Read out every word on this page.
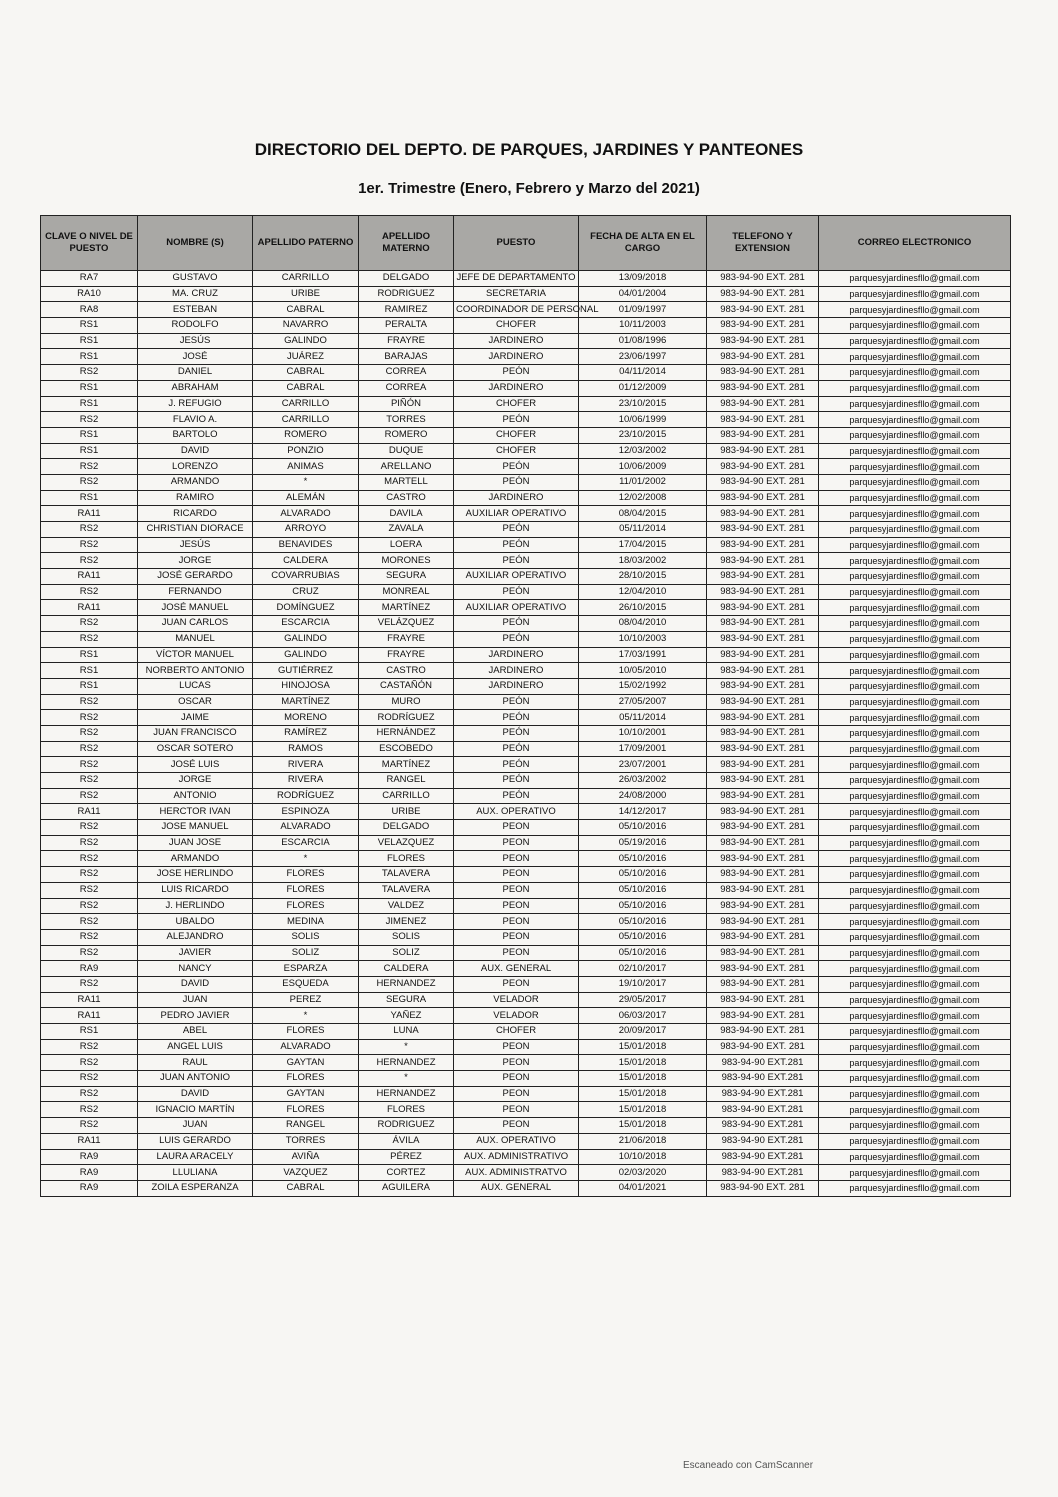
DIRECTORIO DEL DEPTO. DE PARQUES, JARDINES Y PANTEONES
1er. Trimestre (Enero, Febrero y Marzo del 2021)
CLAVE O NIVEL DE PUESTO	NOMBRE (S)	APELLIDO PATERNO	APELLIDO MATERNO	PUESTO	FECHA DE ALTA EN EL CARGO	TELEFONO Y EXTENSION	CORREO ELECTRONICO
RA7	GUSTAVO	CARRILLO	DELGADO	JEFE DE DEPARTAMENTO	13/09/2018	983-94-90 EXT. 281	parquesyjardinesfllo@gmail.com
RA10	MA. CRUZ	URIBE	RODRIGUEZ	SECRETARIA	04/01/2004	983-94-90 EXT. 281	parquesyjardinesfllo@gmail.com
RA8	ESTEBAN	CABRAL	RAMIREZ	COORDINADOR DE PERSONAL	01/09/1997	983-94-90 EXT. 281	parquesyjardinesfllo@gmail.com
RS1	RODOLFO	NAVARRO	PERALTA	CHOFER	10/11/2003	983-94-90 EXT. 281	parquesyjardinesfllo@gmail.com
RS1	JESÚS	GALINDO	FRAYRE	JARDINERO	01/08/1996	983-94-90 EXT. 281	parquesyjardinesfllo@gmail.com
RS1	JOSÉ	JUÁREZ	BARAJAS	JARDINERO	23/06/1997	983-94-90 EXT. 281	parquesyjardinesfllo@gmail.com
RS2	DANIEL	CABRAL	CORREA	PEÓN	04/11/2014	983-94-90 EXT. 281	parquesyjardinesfllo@gmail.com
RS1	ABRAHAM	CABRAL	CORREA	JARDINERO	01/12/2009	983-94-90 EXT. 281	parquesyjardinesfllo@gmail.com
RS1	J. REFUGIO	CARRILLO	PIÑÓN	CHOFER	23/10/2015	983-94-90 EXT. 281	parquesyjardinesfllo@gmail.com
RS2	FLAVIO A.	CARRILLO	TORRES	PEÓN	10/06/1999	983-94-90 EXT. 281	parquesyjardinesfllo@gmail.com
RS1	BARTOLO	ROMERO	ROMERO	CHOFER	23/10/2015	983-94-90 EXT. 281	parquesyjardinesfllo@gmail.com
RS1	DAVID	PONZIO	DUQUE	CHOFER	12/03/2002	983-94-90 EXT. 281	parquesyjardinesfllo@gmail.com
RS2	LORENZO	ANIMAS	ARELLANO	PEÓN	10/06/2009	983-94-90 EXT. 281	parquesyjardinesfllo@gmail.com
RS2	ARMANDO	*	MARTELL	PEÓN	11/01/2002	983-94-90 EXT. 281	parquesyjardinesfllo@gmail.com
RS1	RAMIRO	ALEMÁN	CASTRO	JARDINERO	12/02/2008	983-94-90 EXT. 281	parquesyjardinesfllo@gmail.com
RA11	RICARDO	ALVARADO	DAVILA	AUXILIAR OPERATIVO	08/04/2015	983-94-90 EXT. 281	parquesyjardinesfllo@gmail.com
RS2	CHRISTIAN DIORACE	ARROYO	ZAVALA	PEÓN	05/11/2014	983-94-90 EXT. 281	parquesyjardinesfllo@gmail.com
RS2	JESÚS	BENAVIDES	LOERA	PEÓN	17/04/2015	983-94-90 EXT. 281	parquesyjardinesfllo@gmail.com
RS2	JORGE	CALDERA	MORONES	PEÓN	18/03/2002	983-94-90 EXT. 281	parquesyjardinesfllo@gmail.com
RA11	JOSÉ GERARDO	COVARRUBIAS	SEGURA	AUXILIAR OPERATIVO	28/10/2015	983-94-90 EXT. 281	parquesyjardinesfllo@gmail.com
RS2	FERNANDO	CRUZ	MONREAL	PEÓN	12/04/2010	983-94-90 EXT. 281	parquesyjardinesfllo@gmail.com
RA11	JOSÉ MANUEL	DOMÍNGUEZ	MARTÍNEZ	AUXILIAR OPERATIVO	26/10/2015	983-94-90 EXT. 281	parquesyjardinesfllo@gmail.com
RS2	JUAN CARLOS	ESCARCIA	VELÁZQUEZ	PEÓN	08/04/2010	983-94-90 EXT. 281	parquesyjardinesfllo@gmail.com
RS2	MANUEL	GALINDO	FRAYRE	PEÓN	10/10/2003	983-94-90 EXT. 281	parquesyjardinesfllo@gmail.com
RS1	VÍCTOR MANUEL	GALINDO	FRAYRE	JARDINERO	17/03/1991	983-94-90 EXT. 281	parquesyjardinesfllo@gmail.com
RS1	NORBERTO ANTONIO	GUTIÉRREZ	CASTRO	JARDINERO	10/05/2010	983-94-90 EXT. 281	parquesyjardinesfllo@gmail.com
RS1	LUCAS	HINOJOSA	CASTAÑÓN	JARDINERO	15/02/1992	983-94-90 EXT. 281	parquesyjardinesfllo@gmail.com
RS2	OSCAR	MARTÍNEZ	MURO	PEÓN	27/05/2007	983-94-90 EXT. 281	parquesyjardinesfllo@gmail.com
RS2	JAIME	MORENO	RODRÍGUEZ	PEÓN	05/11/2014	983-94-90 EXT. 281	parquesyjardinesfllo@gmail.com
RS2	JUAN FRANCISCO	RAMÍREZ	HERNÁNDEZ	PEÓN	10/10/2001	983-94-90 EXT. 281	parquesyjardinesfllo@gmail.com
RS2	OSCAR SOTERO	RAMOS	ESCOBEDO	PEÓN	17/09/2001	983-94-90 EXT. 281	parquesyjardinesfllo@gmail.com
RS2	JOSÉ LUIS	RIVERA	MARTÍNEZ	PEÓN	23/07/2001	983-94-90 EXT. 281	parquesyjardinesfllo@gmail.com
RS2	JORGE	RIVERA	RANGEL	PEÓN	26/03/2002	983-94-90 EXT. 281	parquesyjardinesfllo@gmail.com
RS2	ANTONIO	RODRÍGUEZ	CARRILLO	PEÓN	24/08/2000	983-94-90 EXT. 281	parquesyjardinesfllo@gmail.com
RA11	HERCTOR IVAN	ESPINOZA	URIBE	AUX. OPERATIVO	14/12/2017	983-94-90 EXT. 281	parquesyjardinesfllo@gmail.com
RS2	JOSE MANUEL	ALVARADO	DELGADO	PEON	05/10/2016	983-94-90 EXT. 281	parquesyjardinesfllo@gmail.com
RS2	JUAN JOSE	ESCARCIA	VELAZQUEZ	PEON	05/19/2016	983-94-90 EXT. 281	parquesyjardinesfllo@gmail.com
RS2	ARMANDO	*	FLORES	PEON	05/10/2016	983-94-90 EXT. 281	parquesyjardinesfllo@gmail.com
RS2	JOSE HERLINDO	FLORES	TALAVERA	PEON	05/10/2016	983-94-90 EXT. 281	parquesyjardinesfllo@gmail.com
RS2	LUIS RICARDO	FLORES	TALAVERA	PEON	05/10/2016	983-94-90 EXT. 281	parquesyjardinesfllo@gmail.com
RS2	J. HERLINDO	FLORES	VALDEZ	PEON	05/10/2016	983-94-90 EXT. 281	parquesyjardinesfllo@gmail.com
RS2	UBALDO	MEDINA	JIMENEZ	PEON	05/10/2016	983-94-90 EXT. 281	parquesyjardinesfllo@gmail.com
RS2	ALEJANDRO	SOLIS	SOLIS	PEON	05/10/2016	983-94-90 EXT. 281	parquesyjardinesfllo@gmail.com
RS2	JAVIER	SOLIZ	SOLIZ	PEON	05/10/2016	983-94-90 EXT. 281	parquesyjardinesfllo@gmail.com
RA9	NANCY	ESPARZA	CALDERA	AUX. GENERAL	02/10/2017	983-94-90 EXT. 281	parquesyjardinesfllo@gmail.com
RS2	DAVID	ESQUEDA	HERNANDEZ	PEON	19/10/2017	983-94-90 EXT. 281	parquesyjardinesfllo@gmail.com
RA11	JUAN	PEREZ	SEGURA	VELADOR	29/05/2017	983-94-90 EXT. 281	parquesyjardinesfllo@gmail.com
RA11	PEDRO JAVIER	*	YAÑEZ	VELADOR	06/03/2017	983-94-90 EXT. 281	parquesyjardinesfllo@gmail.com
RS1	ABEL	FLORES	LUNA	CHOFER	20/09/2017	983-94-90 EXT. 281	parquesyjardinesfllo@gmail.com
RS2	ANGEL LUIS	ALVARADO	*	PEON	15/01/2018	983-94-90 EXT. 281	parquesyjardinesfllo@gmail.com
RS2	RAUL	GAYTAN	HERNANDEZ	PEON	15/01/2018	983-94-90 EXT.281	parquesyjardinesfllo@gmail.com
RS2	JUAN ANTONIO	FLORES	*	PEON	15/01/2018	983-94-90 EXT.281	parquesyjardinesfllo@gmail.com
RS2	DAVID	GAYTAN	HERNANDEZ	PEON	15/01/2018	983-94-90 EXT.281	parquesyjardinesfllo@gmail.com
RS2	IGNACIO MARTÍN	FLORES	FLORES	PEON	15/01/2018	983-94-90 EXT.281	parquesyjardinesfllo@gmail.com
RS2	JUAN	RANGEL	RODRIGUEZ	PEON	15/01/2018	983-94-90 EXT.281	parquesyjardinesfllo@gmail.com
RA11	LUIS GERARDO	TORRES	ÁVILA	AUX. OPERATIVO	21/06/2018	983-94-90 EXT.281	parquesyjardinesfllo@gmail.com
RA9	LAURA ARACELY	AVIÑA	PÉREZ	AUX. ADMINISTRATIVO	10/10/2018	983-94-90 EXT.281	parquesyjardinesfllo@gmail.com
RA9	LLULIANA	VAZQUEZ	CORTEZ	AUX. ADMINISTRATVO	02/03/2020	983-94-90 EXT.281	parquesyjardinesfllo@gmail.com
RA9	ZOILA ESPERANZA	CABRAL	AGUILERA	AUX. GENERAL	04/01/2021	983-94-90 EXT. 281	parquesyjardinesfllo@gmail.com
Escaneado con CamScanner
